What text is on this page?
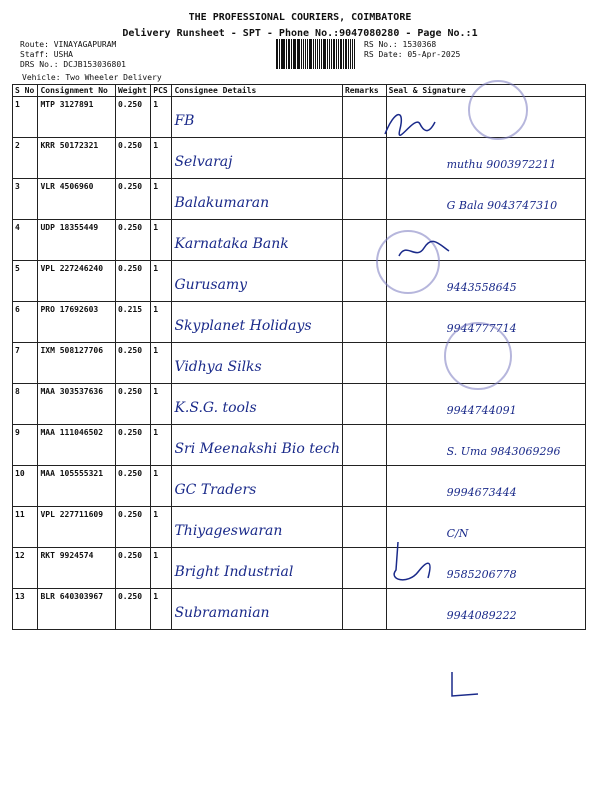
THE PROFESSIONAL COURIERS, COIMBATORE
Delivery Runsheet - SPT - Phone No.:9047080280 - Page No.:1
Route: VINAYAGAPURAM
Staff: USHA
DRS No.: DCJB153036801
Vehicle: Two Wheeler Delivery
RS No.: 1530368
RS Date: 05-Apr-2025
S No	Consignment No	Weight	PCS	Consignee Details	Remarks	Seal & Signature
1	MTP 3127891	0.250	1	FB		
2	KRR 50172321	0.250	1	Selvaraj		muthu 9003972211
3	VLR 4506960	0.250	1	Balakumaran		G Bala 9043747310
4	UDP 18355449	0.250	1	Karnataka Bank		
5	VPL 227246240	0.250	1	Gurusamy		9443558645
6	PRO 17692603	0.215	1	Skyplanet Holidays		9944777714
7	IXM 508127706	0.250	1	Vidhya Silks		
8	MAA 303537636	0.250	1	K.S.G. tools		9944744091
9	MAA 111046502	0.250	1	Sri Meenakshi Bio tech		S. Uma 9843069296
10	MAA 105555321	0.250	1	GC Traders		9994673444
11	VPL 227711609	0.250	1	Thiyageswaran		C/N
12	RKT 9924574	0.250	1	Bright Industrial		9585206778
13	BLR 640303967	0.250	1	Subramanian		9944089222
